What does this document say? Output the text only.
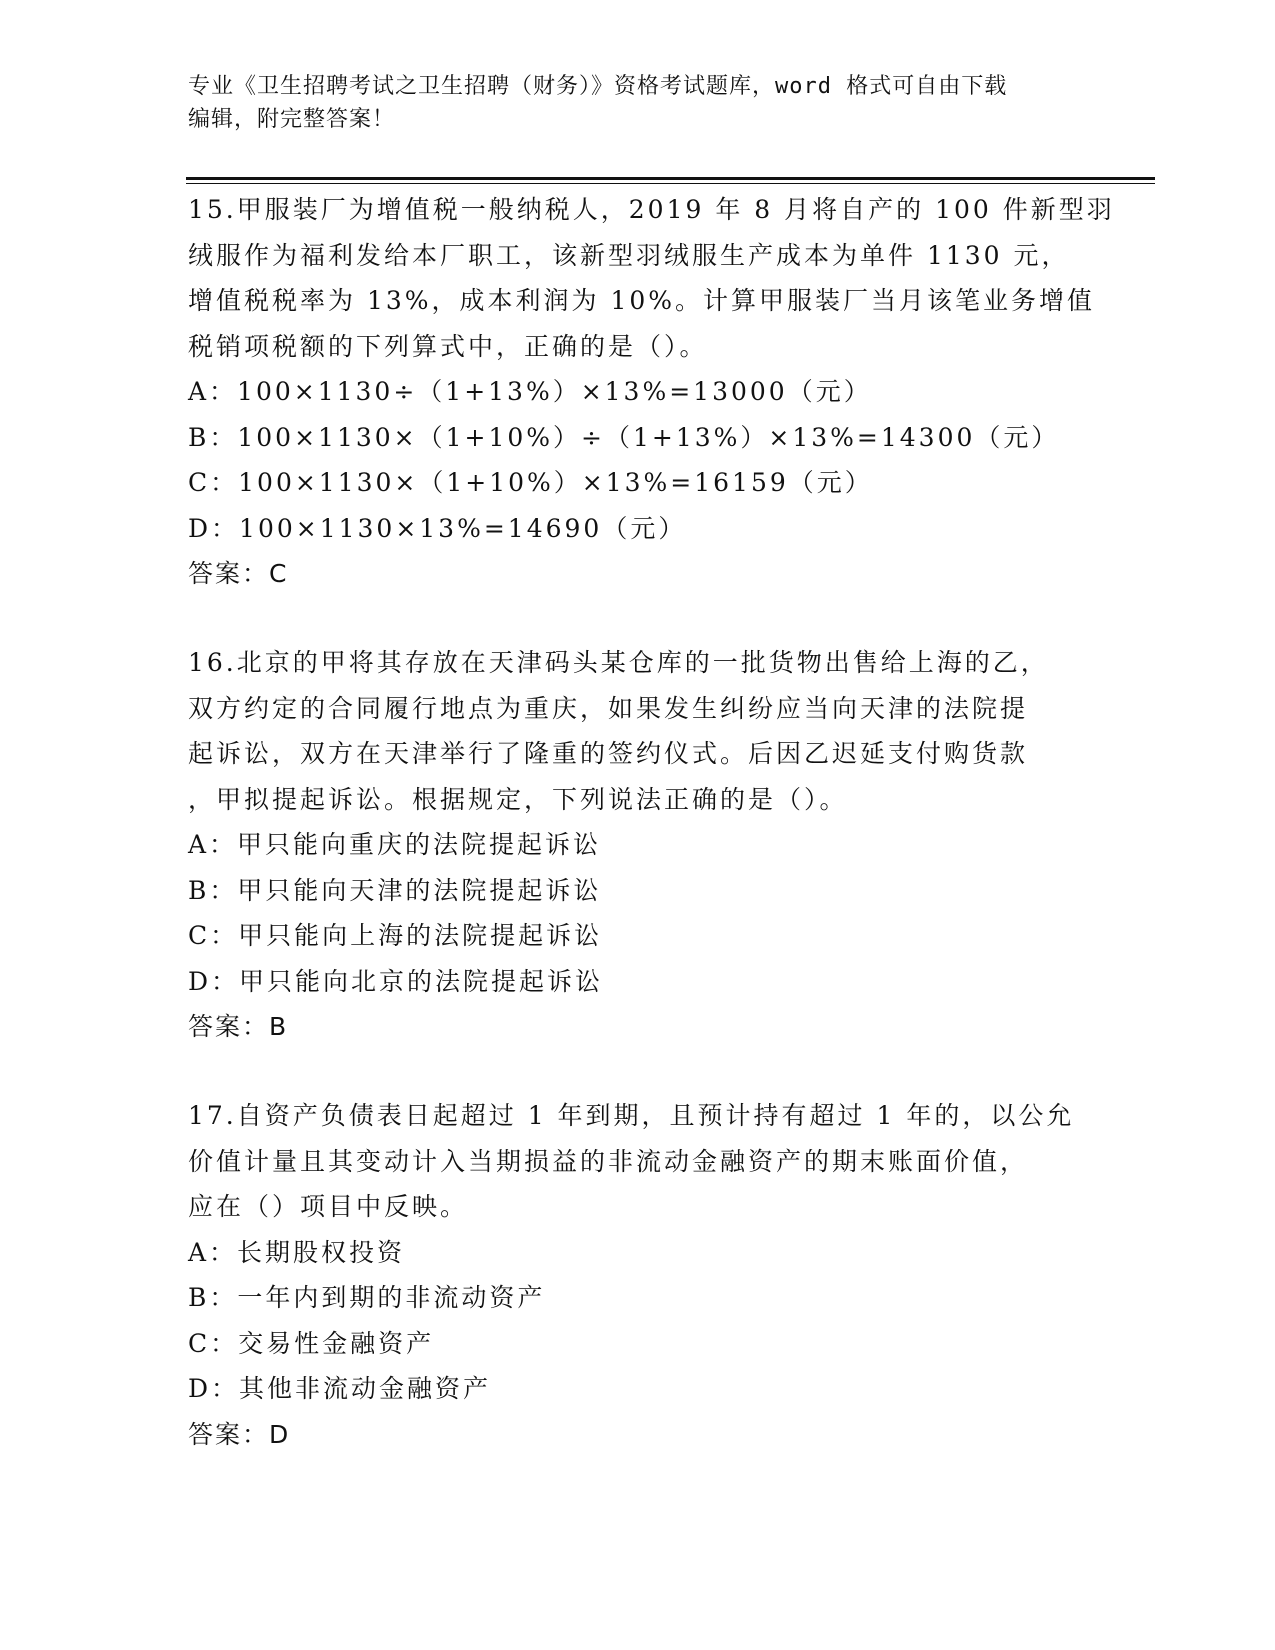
专业《卫生招聘考试之卫生招聘（财务）》资格考试题库，word 格式可自由下载

编辑，附完整答案！

15.甲服装厂为增值税一般纳税人，2019 年 8 月将自产的 100 件新型羽

绒服作为福利发给本厂职工，该新型羽绒服生产成本为单件 1130 元，

增值税税率为 13%，成本利润为 10%。计算甲服装厂当月该笔业务增值

税销项税额的下列算式中，正确的是（）。

A：100×1130÷（1+13%）×13%=13000（元）

B：100×1130×（1+10%）÷（1+13%）×13%=14300（元）

C：100×1130×（1+10%）×13%=16159（元）

D：100×1130×13%=14690（元）

答案：C

16.北京的甲将其存放在天津码头某仓库的一批货物出售给上海的乙，

双方约定的合同履行地点为重庆，如果发生纠纷应当向天津的法院提

起诉讼，双方在天津举行了隆重的签约仪式。后因乙迟延支付购货款

，甲拟提起诉讼。根据规定，下列说法正确的是（）。

A：甲只能向重庆的法院提起诉讼

B：甲只能向天津的法院提起诉讼

C：甲只能向上海的法院提起诉讼

D：甲只能向北京的法院提起诉讼

答案：B

17.自资产负债表日起超过 1 年到期，且预计持有超过 1 年的，以公允

价值计量且其变动计入当期损益的非流动金融资产的期末账面价值，

应在（）项目中反映。

A：长期股权投资

B：一年内到期的非流动资产

C：交易性金融资产

D：其他非流动金融资产

答案：D
